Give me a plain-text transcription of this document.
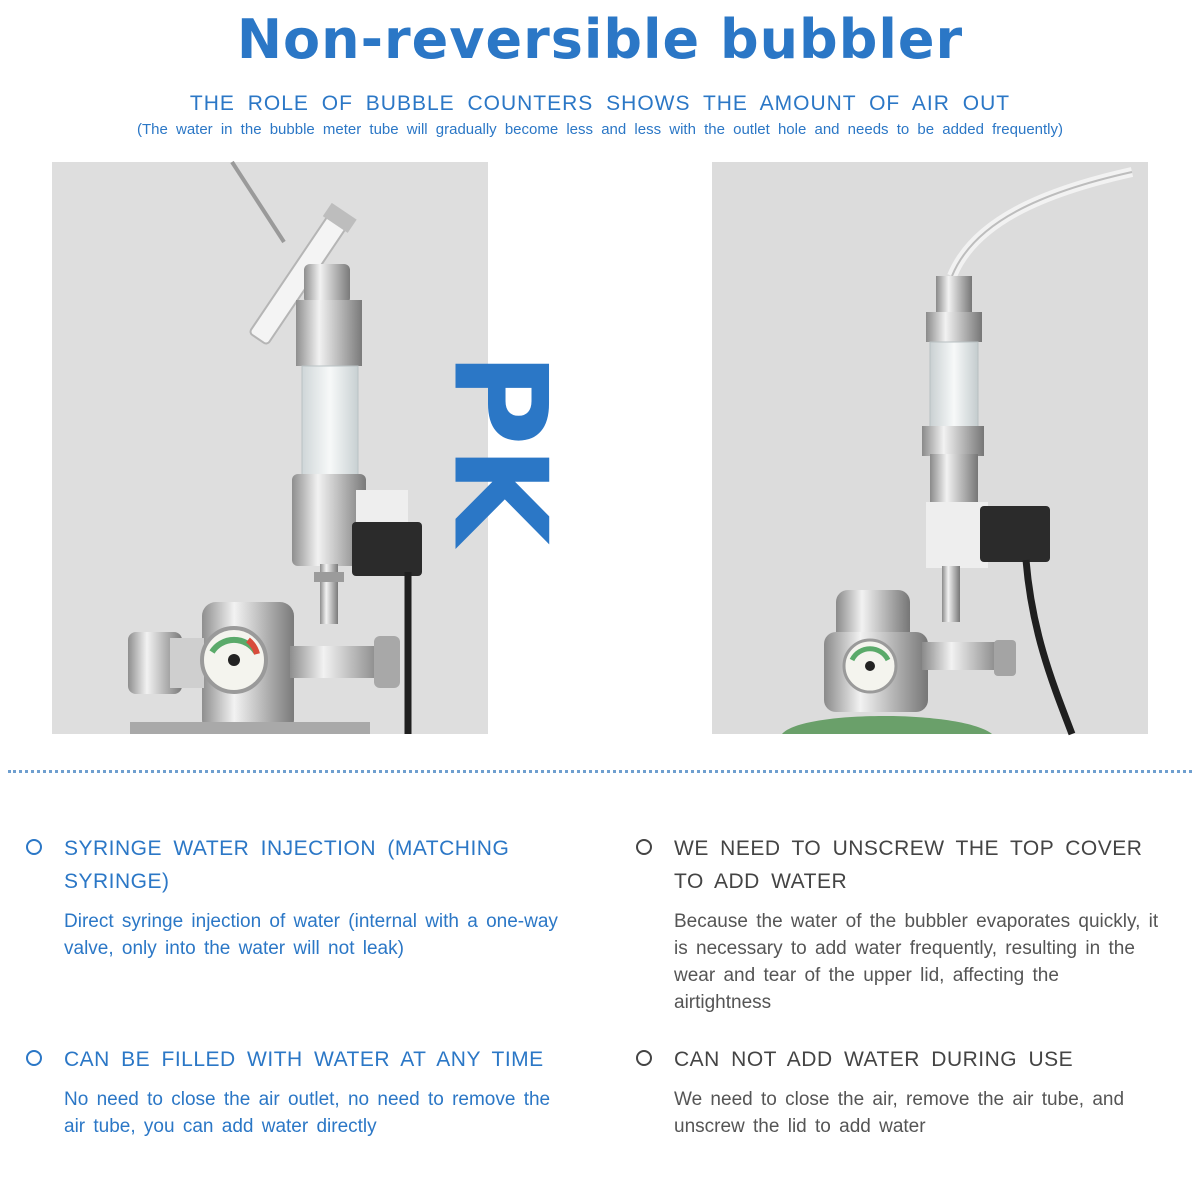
Non-reversible bubbler
THE ROLE OF BUBBLE COUNTERS SHOWS THE AMOUNT OF AIR OUT
(The water in the bubble meter tube will gradually become less and less with the outlet hole and needs to be added frequently)
PK
SYRINGE WATER INJECTION (MATCHING SYRINGE)
Direct syringe injection of water (internal with a one-way valve, only into the water will not leak)
CAN BE FILLED WITH WATER AT ANY TIME
No need to close the air outlet, no need to remove the air tube, you can add water directly
WE NEED TO UNSCREW THE TOP COVER TO ADD WATER
Because the water of the bubbler evaporates quickly, it is necessary to add water frequently, resulting in the wear and tear of the upper lid, affecting the airtightness
CAN NOT ADD WATER DURING USE
We need to close the air, remove the air tube, and unscrew the lid to add water
